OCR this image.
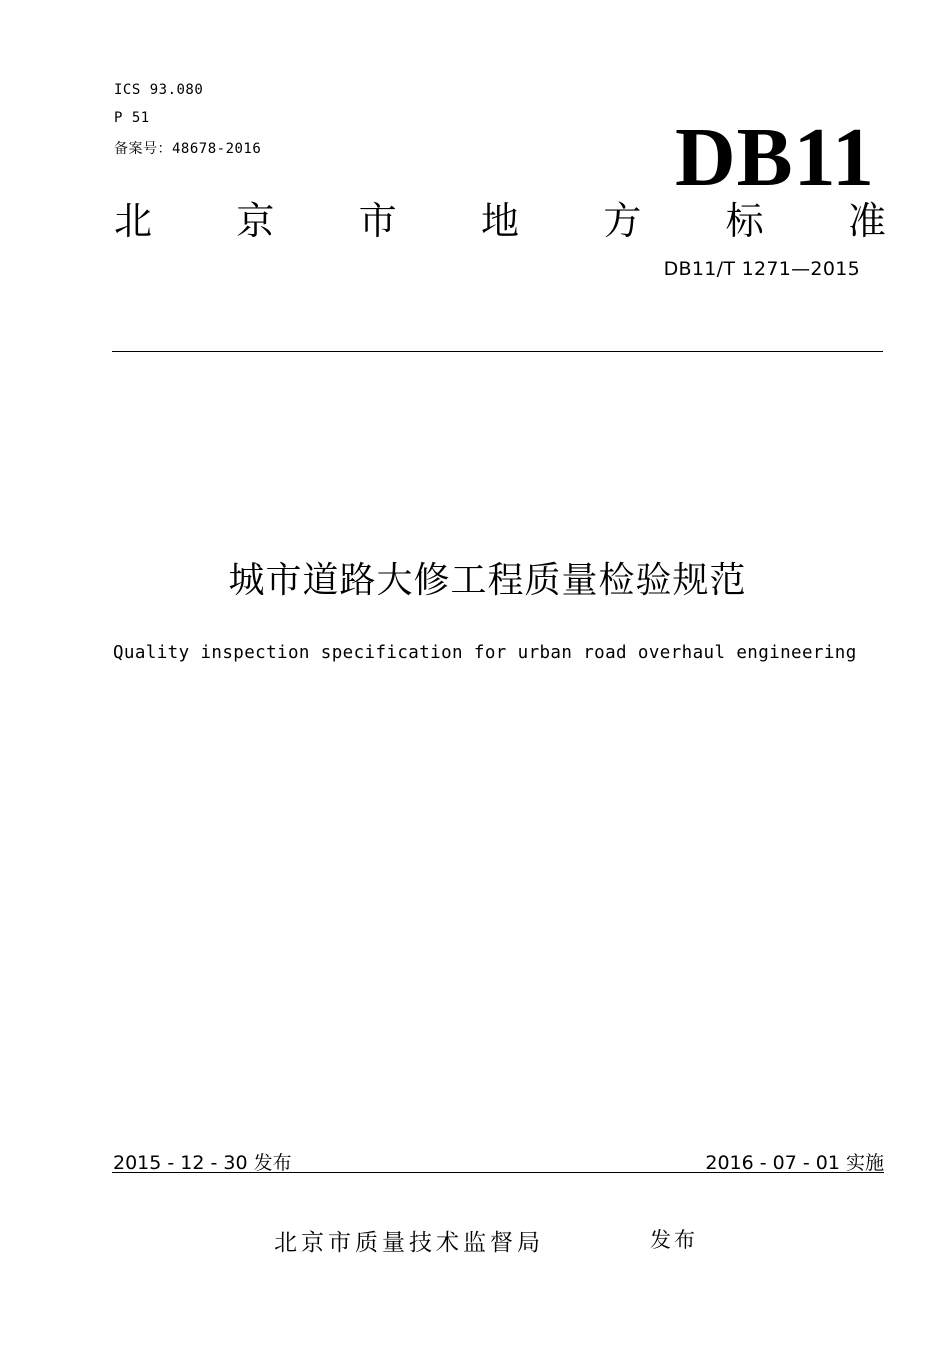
ICS 93.080
P 51
备案号：48678-2016	DB11
北 京 市 地 方 标 准
DB11/T 1271—2015
城市道路大修工程质量检验规范
Quality inspection specification for urban road overhaul engineering
2015 - 12 - 30 发布	2016 - 07 - 01 实施
北京市质量技术监督局	发布
